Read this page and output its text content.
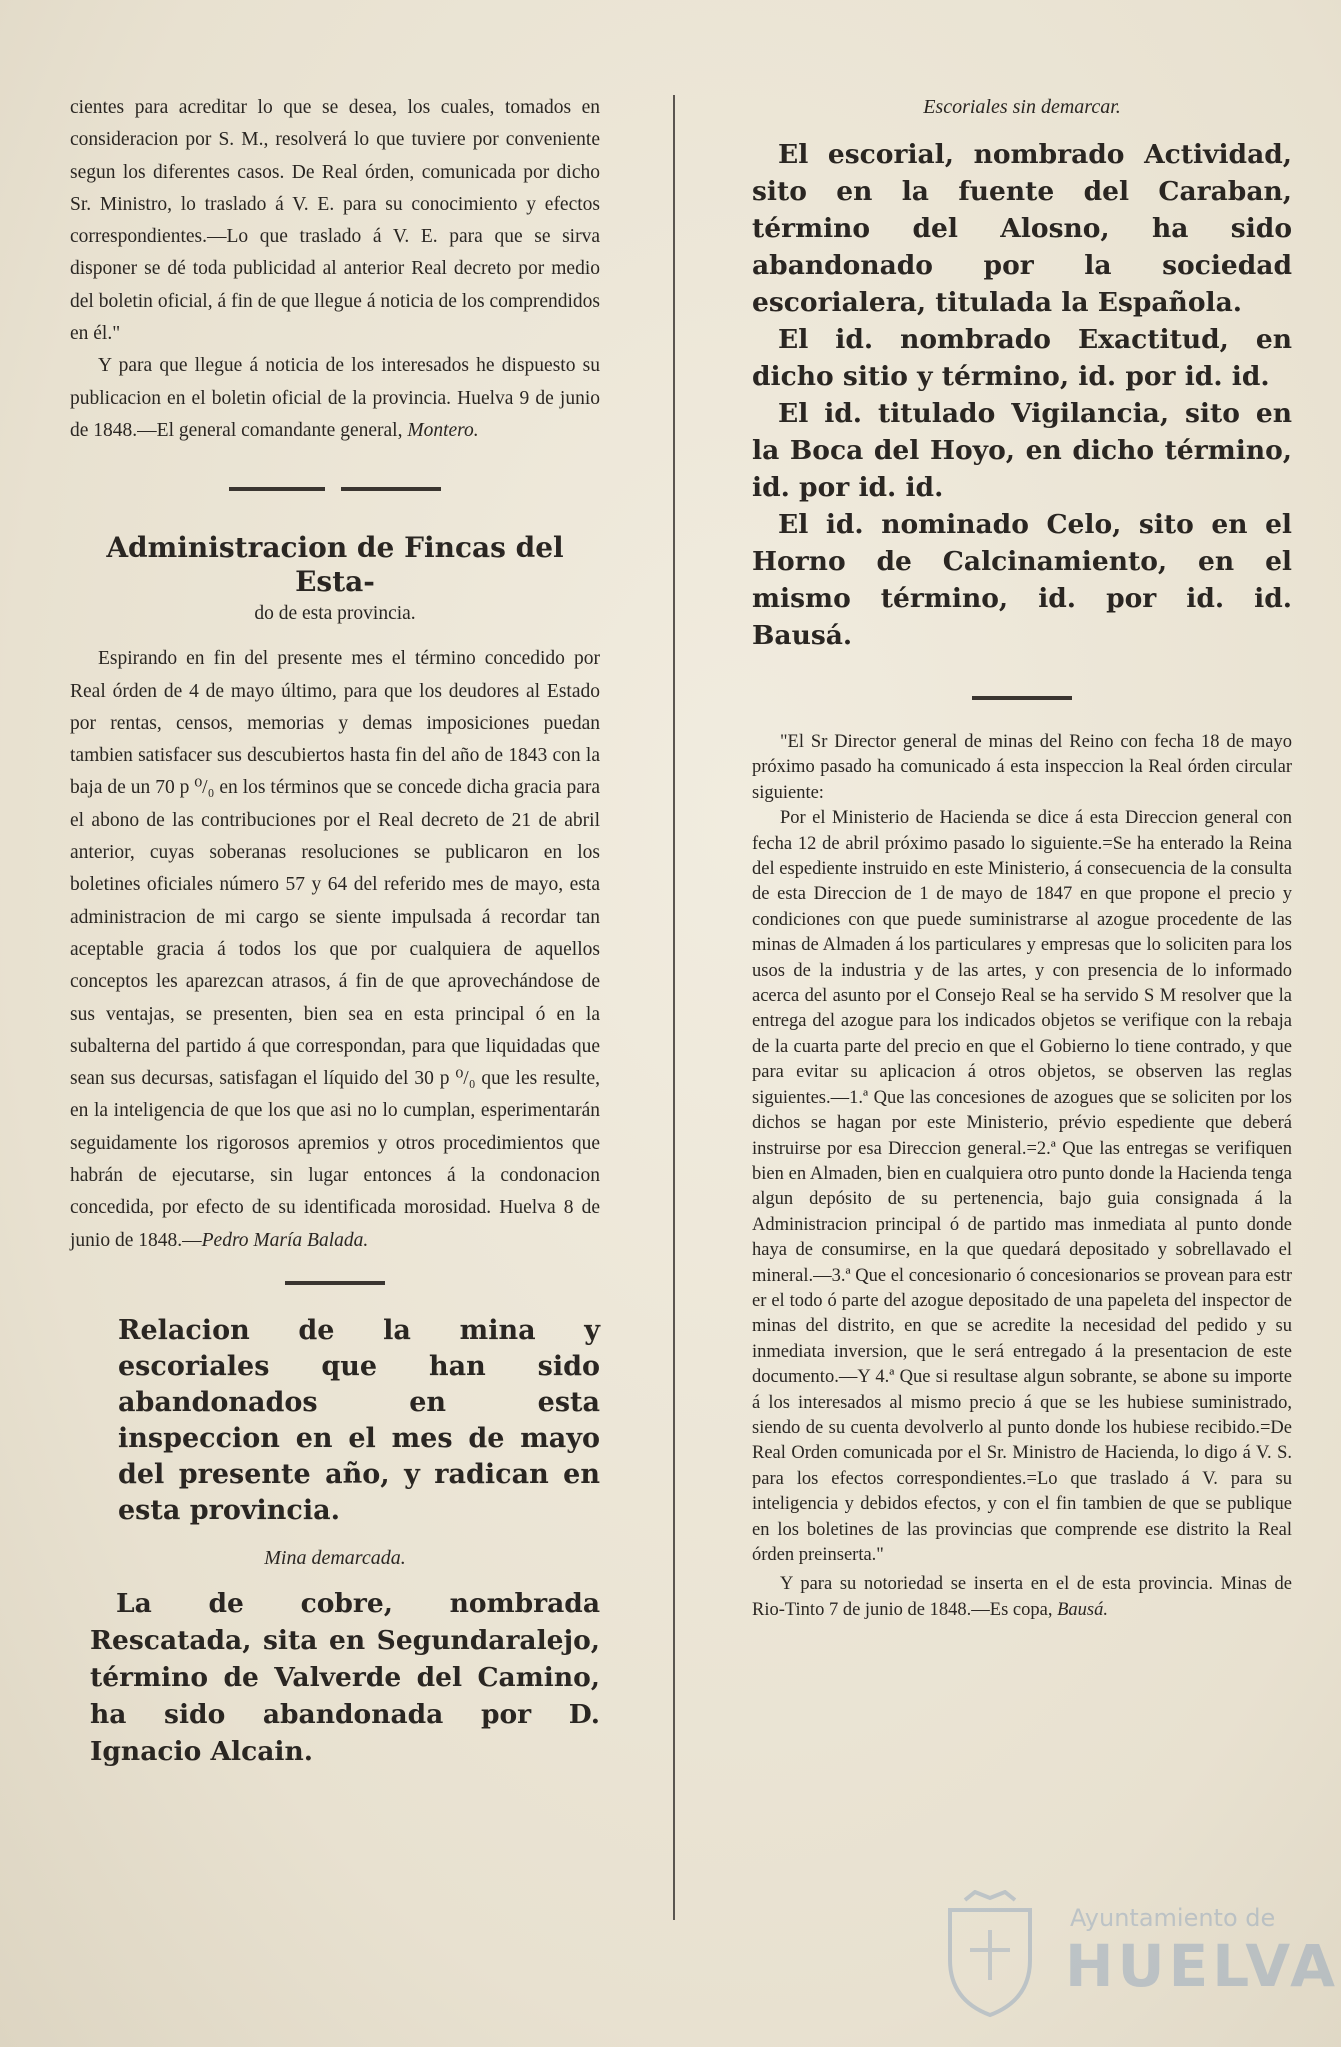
cientes para acreditar lo que se desea, los cuales, tomados en consideracion por S. M., resolverá lo que tuviere por conveniente segun los diferentes casos. De Real órden, comunicada por dicho Sr. Ministro, lo traslado á V. E. para su conocimiento y efectos correspondientes.—Lo que traslado á V. E. para que se sirva disponer se dé toda publicidad al anterior Real decreto por medio del boletin oficial, á fin de que llegue á noticia de los comprendidos en él."

Y para que llegue á noticia de los interesados he dispuesto su publicacion en el boletin oficial de la provincia. Huelva 9 de junio de 1848.—El general comandante general, Montero.

Administracion de Fincas del Esta-
do de esta provincia.

Espirando en fin del presente mes el término concedido por Real órden de 4 de mayo último, para que los deudores al Estado por rentas, censos, memorias y demas imposiciones puedan tambien satisfacer sus descubiertos hasta fin del año de 1843 con la baja de un 70 p ⁰/₀ en los términos que se concede dicha gracia para el abono de las contribuciones por el Real decreto de 21 de abril anterior, cuyas soberanas resoluciones se publicaron en los boletines oficiales número 57 y 64 del referido mes de mayo, esta administracion de mi cargo se siente impulsada á recordar tan aceptable gracia á todos los que por cualquiera de aquellos conceptos les aparezcan atrasos, á fin de que aprovechándose de sus ventajas, se presenten, bien sea en esta principal ó en la subalterna del partido á que correspondan, para que liquidadas que sean sus decursas, satisfagan el líquido del 30 p ⁰/₀ que les resulte, en la inteligencia de que los que asi no lo cumplan, esperimentarán seguidamente los rigorosos apremios y otros procedimientos que habrán de ejecutarse, sin lugar entonces á la condonacion concedida, por efecto de su identificada morosidad. Huelva 8 de junio de 1848.—Pedro María Balada.

Relacion de la mina y escoriales que han sido abandonados en esta inspeccion en el mes de mayo del presente año, y radican en esta provincia.
Mina demarcada.

La de cobre, nombrada Rescatada, sita en Segundaralejo, término de Valverde del Camino, ha sido abandonada por D. Ignacio Alcain.

Escoriales sin demarcar.

El escorial, nombrado Actividad, sito en la fuente del Caraban, término del Alosno, ha sido abandonado por la sociedad escorialera, titulada la Española.

El id. nombrado Exactitud, en dicho sitio y término, id. por id. id.

El id. titulado Vigilancia, sito en la Boca del Hoyo, en dicho término, id. por id. id.

El id. nominado Celo, sito en el Horno de Calcinamiento, en el mismo término, id. por id. id. Bausá.

"El Sr Director general de minas del Reino con fecha 18 de mayo próximo pasado ha comunicado á esta inspeccion la Real órden circular siguiente:

Por el Ministerio de Hacienda se dice á esta Direccion general con fecha 12 de abril próximo pasado lo siguiente.=Se ha enterado la Reina del espediente instruido en este Ministerio, á consecuencia de la consulta de esta Direccion de 1 de mayo de 1847 en que propone el precio y condiciones con que puede suministrarse al azogue procedente de las minas de Almaden á los particulares y empresas que lo soliciten para los usos de la industria y de las artes, y con presencia de lo informado acerca del asunto por el Consejo Real se ha servido S M resolver que la entrega del azogue para los indicados objetos se verifique con la rebaja de la cuarta parte del precio en que el Gobierno lo tiene contrado, y que para evitar su aplicacion á otros objetos, se observen las reglas siguientes.—1.ª Que las concesiones de azogues que se soliciten por los dichos se hagan por este Ministerio, prévio espediente que deberá instruirse por esa Direccion general.=2.ª Que las entregas se verifiquen bien en Almaden, bien en cualquiera otro punto donde la Hacienda tenga algun depósito de su pertenencia, bajo guia consignada á la Administracion principal ó de partido mas inmediata al punto donde haya de consumirse, en la que quedará depositado y sobrellavado el mineral.—3.ª Que el concesionario ó concesionarios se provean para estr er el todo ó parte del azogue depositado de una papeleta del inspector de minas del distrito, en que se acredite la necesidad del pedido y su inmediata inversion, que le será entregado á la presentacion de este documento.—Y 4.ª Que si resultase algun sobrante, se abone su importe á los interesados al mismo precio á que se les hubiese suministrado, siendo de su cuenta devolverlo al punto donde los hubiese recibido.=De Real Orden comunicada por el Sr. Ministro de Hacienda, lo digo á V. S. para los efectos correspondientes.=Lo que traslado á V. para su inteligencia y debidos efectos, y con el fin tambien de que se publique en los boletines de las provincias que comprende ese distrito la Real órden preinserta."

Y para su notoriedad se inserta en el de esta provincia. Minas de Rio-Tinto 7 de junio de 1848.—Es copa, Bausá.

Ayuntamiento de
HUELVA
